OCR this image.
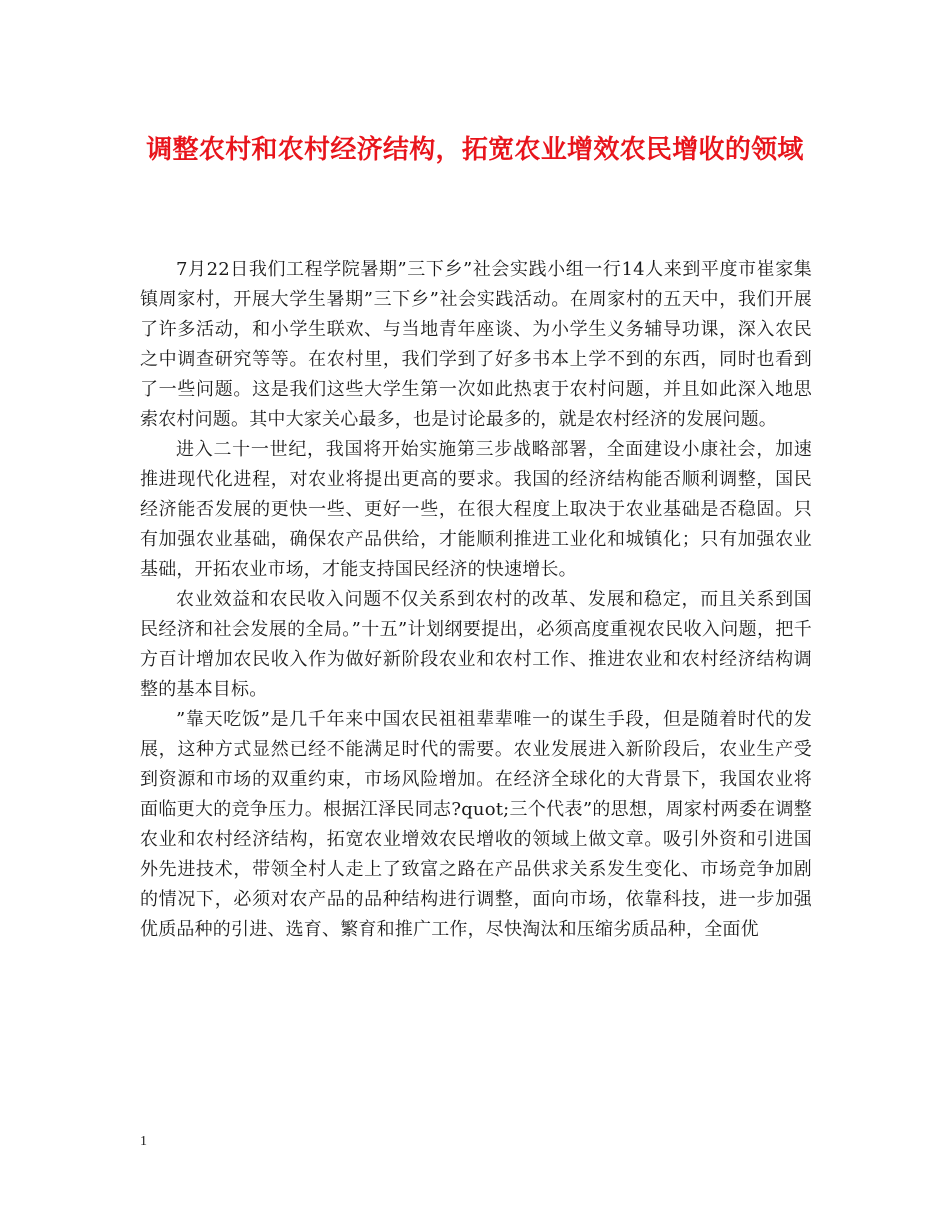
调整农村和农村经济结构，拓宽农业增效农民增收的领域

7月22日我们工程学院暑期”三下乡”社会实践小组一行14人来到平度市崔家集镇周家村，开展大学生暑期”三下乡”社会实践活动。在周家村的五天中，我们开展了许多活动，和小学生联欢、与当地青年座谈、为小学生义务辅导功课，深入农民之中调查研究等等。在农村里，我们学到了好多书本上学不到的东西，同时也看到了一些问题。这是我们这些大学生第一次如此热衷于农村问题，并且如此深入地思索农村问题。其中大家关心最多，也是讨论最多的，就是农村经济的发展问题。

进入二十一世纪，我国将开始实施第三步战略部署，全面建设小康社会，加速推进现代化进程，对农业将提出更高的要求。我国的经济结构能否顺利调整，国民经济能否发展的更快一些、更好一些，在很大程度上取决于农业基础是否稳固。只有加强农业基础，确保农产品供给，才能顺利推进工业化和城镇化；只有加强农业基础，开拓农业市场，才能支持国民经济的快速增长。

农业效益和农民收入问题不仅关系到农村的改革、发展和稳定，而且关系到国民经济和社会发展的全局。”十五”计划纲要提出，必须高度重视农民收入问题，把千方百计增加农民收入作为做好新阶段农业和农村工作、推进农业和农村经济结构调整的基本目标。

”靠天吃饭”是几千年来中国农民祖祖辈辈唯一的谋生手段，但是随着时代的发展，这种方式显然已经不能满足时代的需要。农业发展进入新阶段后，农业生产受到资源和市场的双重约束，市场风险增加。在经济全球化的大背景下，我国农业将面临更大的竞争压力。根据江泽民同志?quot;三个代表”的思想，周家村两委在调整农业和农村经济结构，拓宽农业增效农民增收的领域上做文章。吸引外资和引进国外先进技术，带领全村人走上了致富之路在产品供求关系发生变化、市场竞争加剧的情况下，必须对农产品的品种结构进行调整，面向市场，依靠科技，进一步加强优质品种的引进、选育、繁育和推广工作，尽快淘汰和压缩劣质品种，全面优

1
